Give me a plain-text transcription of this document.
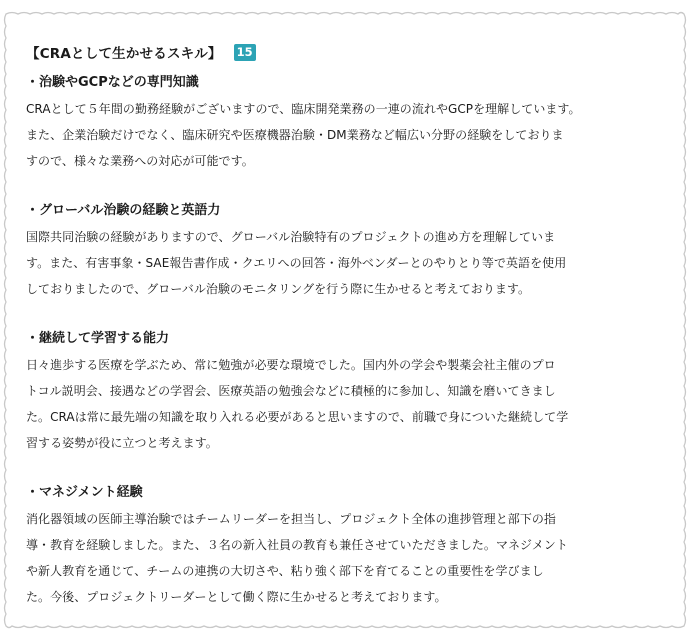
【CRAとして生かせるスキル】 15
・治験やGCPなどの専門知識
CRAとして５年間の勤務経験がございますので、臨床開発業務の一連の流れやGCPを理解しています。
また、企業治験だけでなく、臨床研究や医療機器治験・DM業務など幅広い分野の経験をしておりま
すので、様々な業務への対応が可能です。
・グローバル治験の経験と英語力
国際共同治験の経験がありますので、グローバル治験特有のプロジェクトの進め方を理解していま
す。また、有害事象・SAE報告書作成・クエリへの回答・海外ベンダーとのやりとり等で英語を使用
しておりましたので、グローバル治験のモニタリングを行う際に生かせると考えております。
・継続して学習する能力
日々進歩する医療を学ぶため、常に勉強が必要な環境でした。国内外の学会や製薬会社主催のプロ
トコル説明会、接遇などの学習会、医療英語の勉強会などに積極的に参加し、知識を磨いてきまし
た。CRAは常に最先端の知識を取り入れる必要があると思いますので、前職で身についた継続して学
習する姿勢が役に立つと考えます。
・マネジメント経験
消化器領域の医師主導治験ではチームリーダーを担当し、プロジェクト全体の進捗管理と部下の指
導・教育を経験しました。また、３名の新入社員の教育も兼任させていただきました。マネジメント
や新人教育を通じて、チームの連携の大切さや、粘り強く部下を育てることの重要性を学びまし
た。今後、プロジェクトリーダーとして働く際に生かせると考えております。
